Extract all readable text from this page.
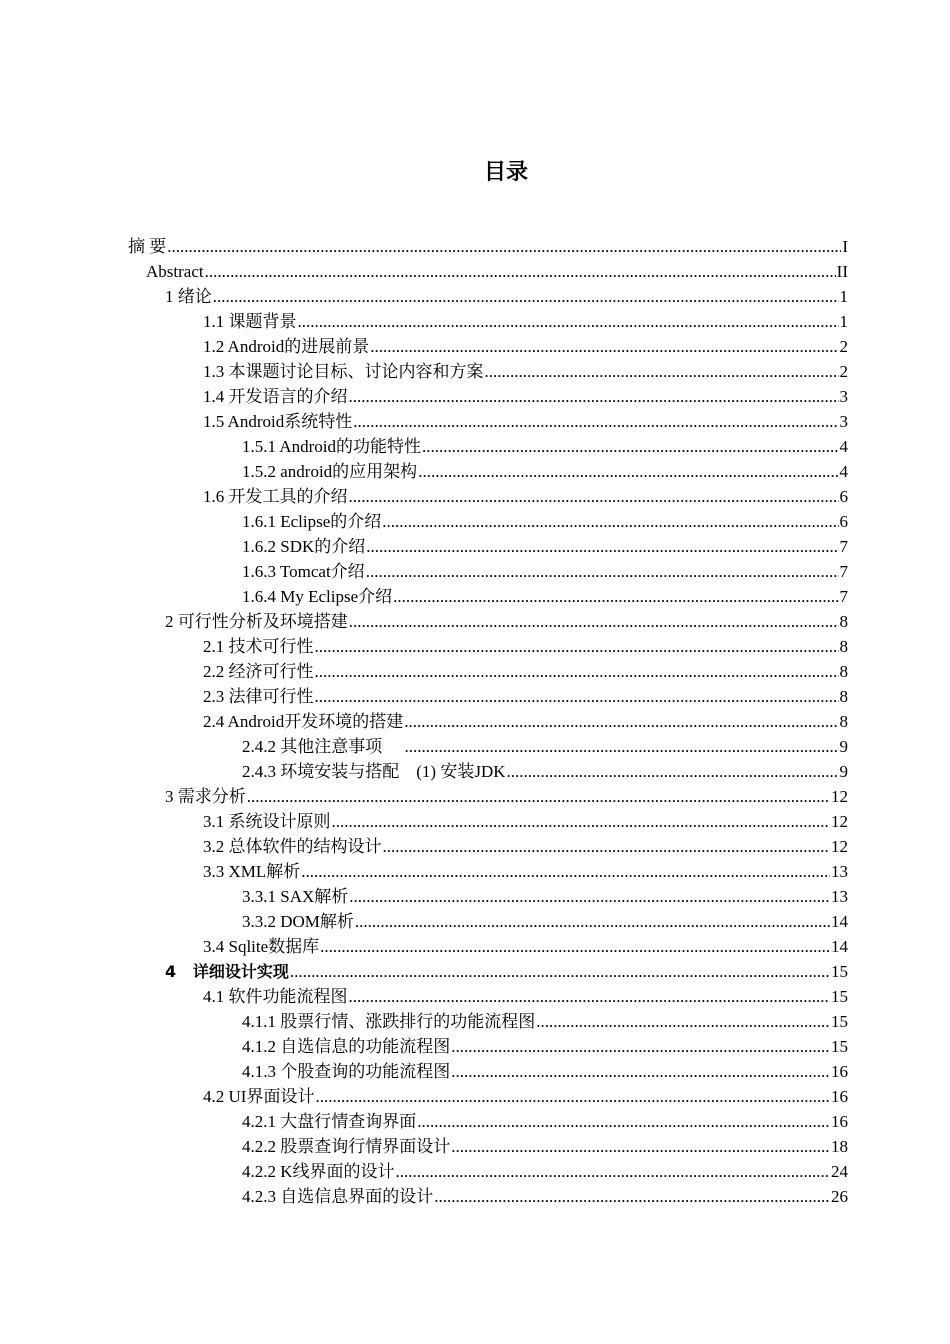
目录
摘 要 .....	I
Abstract .....	II
1 绪论 .....	1
1.1 课题背景 .....	1
1.2 Android的进展前景 .....	2
1.3 本课题讨论目标、讨论内容和方案 .....	2
1.4 开发语言的介绍 .....	3
1.5 Android系统特性 .....	3
1.5.1 Android的功能特性 .....	4
1.5.2 android的应用架构 .....	4
1.6 开发工具的介绍 .....	6
1.6.1 Eclipse的介绍 .....	6
1.6.2 SDK的介绍 .....	7
1.6.3 Tomcat介绍 .....	7
1.6.4 My Eclipse介绍 .....	7
2 可行性分析及环境搭建 .....	8
2.1 技术可行性 .....	8
2.2 经济可行性 .....	8
2.3 法律可行性 .....	8
2.4 Android开发环境的搭建 .....	8
2.4.2 其他注意事项 .....	9
2.4.3 环境安装与搭配    (1) 安装JDK .....	9
3 需求分析 .....	12
3.1 系统设计原则 .....	12
3.2 总体软件的结构设计 .....	12
3.3 XML解析 .....	13
3.3.1 SAX解析 .....	13
3.3.2 DOM解析 .....	14
3.4 Sqlite数据库 .....	14
4   详细设计实现 .....	15
4.1 软件功能流程图 .....	15
4.1.1 股票行情、涨跌排行的功能流程图 .....	15
4.1.2 自选信息的功能流程图 .....	15
4.1.3 个股查询的功能流程图 .....	16
4.2 UI界面设计 .....	16
4.2.1 大盘行情查询界面 .....	16
4.2.2 股票查询行情界面设计 .....	18
4.2.2 K线界面的设计 .....	24
4.2.3 自选信息界面的设计 .....	26
